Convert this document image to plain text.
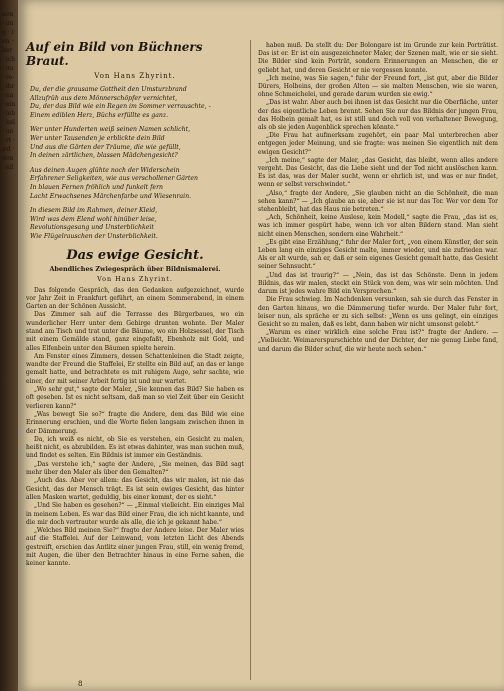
nen · ung · ren · ber · ich · uu · re- · ihr · na · ein · ieb · kel · un · rt · ird · den · eil
Auf ein Bild von Büchners Braut.
Von Hans Zhyrint.
Du, der die grausame Gottheit den Umsturzbrand
Allzufrüh aus dem Mönnerschöpfer vernichtet,
Du, der das Bild wie ein Regen im Sommer verrauschte, -
Einem ediblen Herz, Büchs erfüllte es ganz.
Wer unter Hunderten weiß seinen Namen schlicht,
Wer unter Tausenden je erblickte dein Bild
Und aus die Gärten der Träume, die wie gefüllt,
In deinen zärtlichen, blassen Mädchengesicht?
Aus deinen Augen glühte noch der Widerschein
Erfahrener Seligkeiten, wie aus verschollener Gärten
In blauen Fernen fröhlich und funkelt fern
Lacht Erwachsenes Märchenfarbe und Wiesenrain.
In diesem Bild im Rahmen, deiner Kleid,
Wird was dem Elend wohl hinüber leise,
Revolutionsgesang und Unsterblichkeit
Wie Flügelrauschen der Unsterblichkeit.
Das ewige Gesicht.
Abendliches Zwiegespräch über Bildnismalerei.
Von Hans Zhyrint.

Das folgende Gespräch, das den Gedanken aufgezeichnet, wurde vor Jahr Zeit in Frankfurt geführt, an einem Sommerabend, in einem Garten an der Schönen Aussicht.

Das Zimmer sah auf die Terrasse des Bürgerbaues, wo ein wunderlicher Herr unter dem Gebirge drunten wohnte. Der Maler stand am Tisch und trat unter die Bäume, wo ein Holzsessel, der Tisch mit einem Gemälde stand, ganz eingefaßt, Ebenholz mit Gold, und alles Elfenbein unter den Bäumen spielte herein.

Am Fenster eines Zimmers, dessen Schattenleinen die Stadt zeigte, wandte der Freund die Staffelei, Er stellte ein Bild auf, an das er lange gemalt hatte, und betrachtete es mit ruhigem Auge, sehr sachte, wie einer, der mit seiner Arbeit fertig ist und nur wartet.

„Wo sehr gut,“ sagte der Maler, „Sie kennen das Bild? Sie haben es oft gesehen. Ist es nicht seltsam, daß man so viel Zeit über ein Gesicht verlieren kann?“

„Was bewegt Sie so?“ fragte die Andere, dem das Bild wie eine Erinnerung erschien, und die Worte fielen langsam zwischen ihnen in der Dämmerung.

Da, ich weiß es nicht, ob Sie es verstehen, ein Gesicht zu malen, heißt nicht, es abzubilden. Es ist etwas dahinter, was man suchen muß, und findet es selten. Ein Bildnis ist immer ein Geständnis.

„Das verstehe ich,“ sagte der Andere, „Sie meinen, das Bild sagt mehr über den Maler als über den Gemalten?“

„Auch das. Aber vor allem: das Gesicht, das wir malen, ist nie das Gesicht, das der Mensch trägt. Es ist sein ewiges Gesicht, das hinter allen Masken wartet, geduldig, bis einer kommt, der es sieht.“

„Und Sie haben es gesehen?“ — „Einmal vielleicht. Ein einziges Mal in meinem Leben. Es war das Bild einer Frau, die ich nicht kannte, und die mir doch vertrauter wurde als alle, die ich je gekannt habe.“

„Welches Bild meinen Sie?“ fragte der Andere leise. Der Maler wies auf die Staffelei. Auf der Leinwand, vom letzten Licht des Abends gestreift, erschien das Antlitz einer jungen Frau, still, ein wenig fremd, mit Augen, die über den Betrachter hinaus in eine Ferne sahen, die keiner kannte.

haben muß. Da stellt du: Der Bolongare ist im Grunde zur kein Porträtist. Das ist er. Er ist ein ausgezeichneter Maler, der Szenen malt, wie er sie sieht. Die Bilder sind kein Porträt, sondern Erinnerungen an Menschen, die er geliebt hat, und deren Gesicht er nie vergessen konnte.

„Ich meine, was Sie sagen,“ fuhr der Freund fort, „ist gut, aber die Bilder Dürers, Holbeins, der großen Alten — sie malten Menschen, wie sie waren, ohne Schmeichelei, und gerade darum wurden sie ewig.“

„Das ist wahr. Aber auch bei ihnen ist das Gesicht nur die Oberfläche, unter der das eigentliche Leben brennt. Sehen Sie nur das Bildnis der jungen Frau, das Holbein gemalt hat, es ist still und doch voll von verhaltener Bewegung, als ob sie jeden Augenblick sprechen könnte.“

„Die Frau hat aufmerksam zugehört, ein paar Mal unterbrechen aber entgegen jeder Meinung, und sie fragte: was meinen Sie eigentlich mit dem ewigen Gesicht?“

„Ich meine,“ sagte der Maler, „das Gesicht, das bleibt, wenn alles andere vergeht. Das Gesicht, das die Liebe sieht und der Tod nicht auslöschen kann. Es ist das, was der Maler sucht, wenn er ehrlich ist, und was er nur findet, wenn er selbst verschwindet.“

„Also,“ fragte der Andere, „Sie glauben nicht an die Schönheit, die man sehen kann?“ — „Ich glaube an sie, aber sie ist nur das Tor. Wer vor dem Tor stehenbleibt, hat das Haus nie betreten.“

„Ach, Schönheit, keine Auslese, kein Modell,“ sagte die Frau, „das ist es, was ich immer gespürt habe, wenn ich vor alten Bildern stand. Man sieht nicht einen Menschen, sondern eine Wahrheit.“

„Es gibt eine Erzählung,“ fuhr der Maler fort, „von einem Künstler, der sein Leben lang ein einziges Gesicht malte, immer wieder, und nie zufrieden war. Als er alt wurde, sah er, daß er sein eigenes Gesicht gemalt hatte, das Gesicht seiner Sehnsucht.“

„Und das ist traurig?“ — „Nein, das ist das Schönste. Denn in jedem Bildnis, das wir malen, steckt ein Stück von dem, was wir sein möchten. Und darum ist jedes wahre Bild ein Versprechen.“

Die Frau schwieg. Im Nachdenken versunken, sah sie durch das Fenster in den Garten hinaus, wo die Dämmerung tiefer wurde. Der Maler fuhr fort, leiser nun, als spräche er zu sich selbst: „Wenn es uns gelingt, ein einziges Gesicht so zu malen, daß es lebt, dann haben wir nicht umsonst gelebt.“

„Warum es einer wirklich eine solche Frau ist?“ fragte der Andere. — „Vielleicht. Weimarerspurschichte und der Dichter, der nie genug Liebe fand, und darum die Bilder schuf, die wir heute noch sehen.“

8
